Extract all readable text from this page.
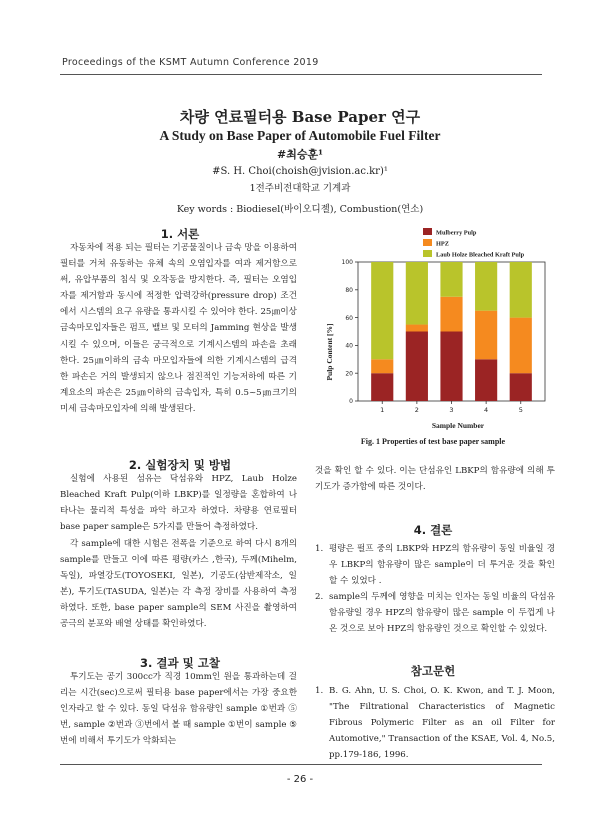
Proceedings of the KSMT Autumn Conference 2019
차량 연료필터용 Base Paper 연구
A Study on Base Paper of Automobile Fuel Filter
#최승훈¹
#S. H. Choi(choish@jvision.ac.kr)¹
1전주비전대학교 기계과
Key words : Biodiesel(바이오디젤), Combustion(연소)
1. 서론

자동차에 적용 되는 필터는 기공물질이나 금속 망을 이용하여 필터를 거쳐 유동하는 유체 속의 오염입자를 여과 제거함으로써, 유압부품의 침식 및 오작동을 방지한다. 즉, 필터는 오염입자를 제거함과 동시에 적정한 압력강하(pressure drop) 조건에서 시스템의 요구 유량을 통과시킬 수 있어야 한다. 25㎛이상 금속마모입자들은 펌프, 밸브 및 모터의 Jamming 현상을 발생시킬 수 있으며, 이들은 궁극적으로 기계시스템의 파손을 초래한다. 25㎛이하의 금속 마모입자들에 의한 기계시스템의 급격한 파손은 거의 발생되지 않으나 점진적인 기능저하에 따른 기계요소의 파손은 25㎛이하의 금속입자, 특히 0.5~5㎛크기의 미세 금속마모입자에 의해 발생된다.

2. 실험장치 및 방법

실험에 사용된 섬유는 닥섬유와 HPZ, Laub Holze Bleached Kraft Pulp(이하 LBKP)를 일정량을 혼합하여 나타나는 물리적 특성을 파악 하고자 하였다. 차량용 연료필터 base paper sample은 5가지를 만들어 측정하였다.

각 sample에 대한 시험은 전폭을 기준으로 하여 다시 8개의 sample를 만들고 이에 따른 평량(카스 ,한국), 두께(Mihelm, 독일), 파열강도(TOYOSEKI, 일본), 기공도(삼반제작소, 일본), 투기도(TASUDA, 일본)는 각 측정 장비를 사용하여 측정하였다. 또한, base paper sample의 SEM 사진을 촬영하여 공극의 분포와 배열 상태를 확인하였다.

3. 결과 및 고찰

투기도는 공기 300cc가 직경 10mm인 원을 통과하는데 걸리는 시간(sec)으로써 필터용 base paper에서는 가장 중요한 인자라고 할 수 있다. 동일 닥섬유 함유량인 sample ①번과 ⑤번, sample ②번과 ③번에서 볼 때 sample ①번이 sample ⑤번에 비해서 투기도가 악화되는

Mulberry Pulp
HPZ
Laub Holze Bleached Kraft Pulp
0
20
40
60
80
100
1	2	3	4	5
Pulp Content [%]
Sample Number
Fig. 1 Properties of test base paper sample

것을 확인 할 수 있다. 이는 단섬유인 LBKP의 함유량에 의해 투기도가 증가함에 따른 것이다.

4. 결론
1. 평량은 펄프 중의 LBKP와 HPZ의 함유량이 동일 비율일 경우 LBKP의 함유량이 많은 sample이 더 투거운 것을 확인할 수 있었다 .
2. sample의 두께에 영향을 미치는 인자는 동일 비율의 닥섬유 함유량일 경우 HPZ의 함유량이 많은 sample 이 두껍게 나온 것으로 보아 HPZ의 함유량인 것으로 확인할 수 있었다.
참고문헌
1. B. G. Ahn, U. S. Choi, O. K. Kwon, and T. J. Moon, "The Filtrational Characteristics of Magnetic Fibrous Polymeric Filter as an oil Filter for Automotive," Transaction of the KSAE, Vol. 4, No.5, pp.179-186, 1996.
- 26 -
